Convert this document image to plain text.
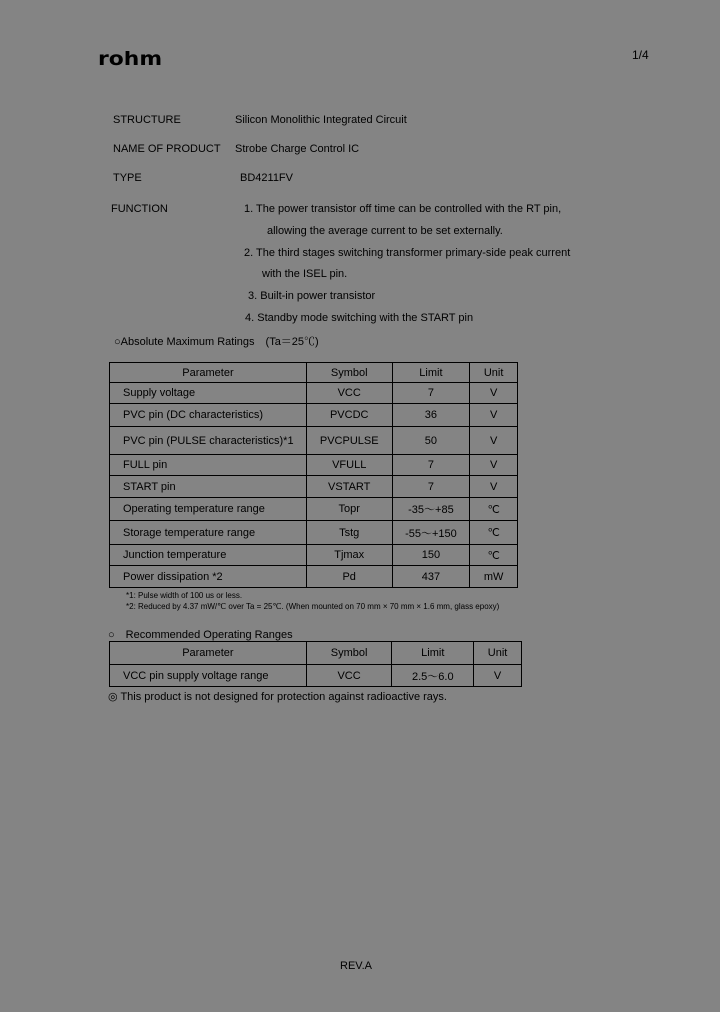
rohm	1/4
STRUCTURE	Silicon Monolithic Integrated Circuit
NAME OF PRODUCT Strobe Charge Control IC
TYPE	BD4211FV
FUNCTION	1. The power transistor off time can be controlled with the RT pin,
allowing the average current to be set externally.
2. The third stages switching transformer primary-side peak current
with the ISEL pin.
3. Built-in power transistor
4. Standby mode switching with the START pin
○Absolute Maximum Ratings　(Ta＝25℃)
Parameter	Symbol	Limit	Unit
Supply voltage	VCC	7	V
PVC pin (DC characteristics)	PVCDC	36	V
PVC pin (PULSE characteristics)*1	PVCPULSE	50	V
FULL pin	VFULL	7	V
START pin	VSTART	7	V
Operating temperature range	Topr	-35〜+85	℃
Storage temperature range	Tstg	-55〜+150	℃
Junction temperature	Tjmax	150	℃
Power dissipation *2	Pd	437	mW
*1: Pulse width of 100 us or less.
*2: Reduced by 4.37 mW/℃ over Ta = 25℃. (When mounted on 70 mm × 70 mm × 1.6 mm, glass epoxy)
○　Recommended Operating Ranges
Parameter	Symbol	Limit	Unit
VCC pin supply voltage range	VCC	2.5〜6.0	V
◎ This product is not designed for protection against radioactive rays.
REV.A
